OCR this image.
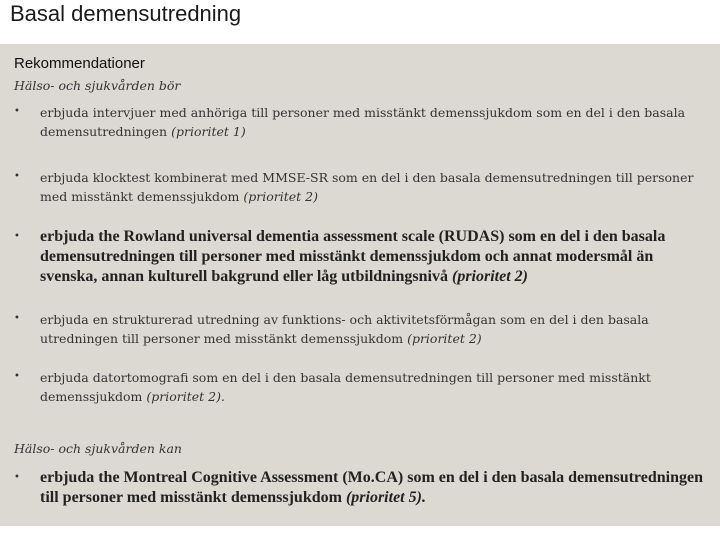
Basal demensutredning
Rekommendationer
Hälso- och sjukvården bör
• erbjuda intervjuer med anhöriga till personer med misstänkt demenssjukdom som en del i den basala demensutredningen (prioritet 1)
• erbjuda klocktest kombinerat med MMSE-SR som en del i den basala demensutredningen till personer med misstänkt demenssjukdom (prioritet 2)
• erbjuda the Rowland universal dementia assessment scale (RUDAS) som en del i den basala demensutredningen till personer med misstänkt demenssjukdom och annat modersmål än svenska, annan kulturell bakgrund eller låg utbildningsnivå (prioritet 2)
• erbjuda en strukturerad utredning av funktions- och aktivitetsförmågan som en del i den basala utredningen till personer med misstänkt demenssjukdom (prioritet 2)
• erbjuda datortomografi som en del i den basala demensutredningen till personer med misstänkt demenssjukdom (prioritet 2).
Hälso- och sjukvården kan
• erbjuda the Montreal Cognitive Assessment (Mo.CA) som en del i den basala demensutredningen till personer med misstänkt demenssjukdom (prioritet 5).
